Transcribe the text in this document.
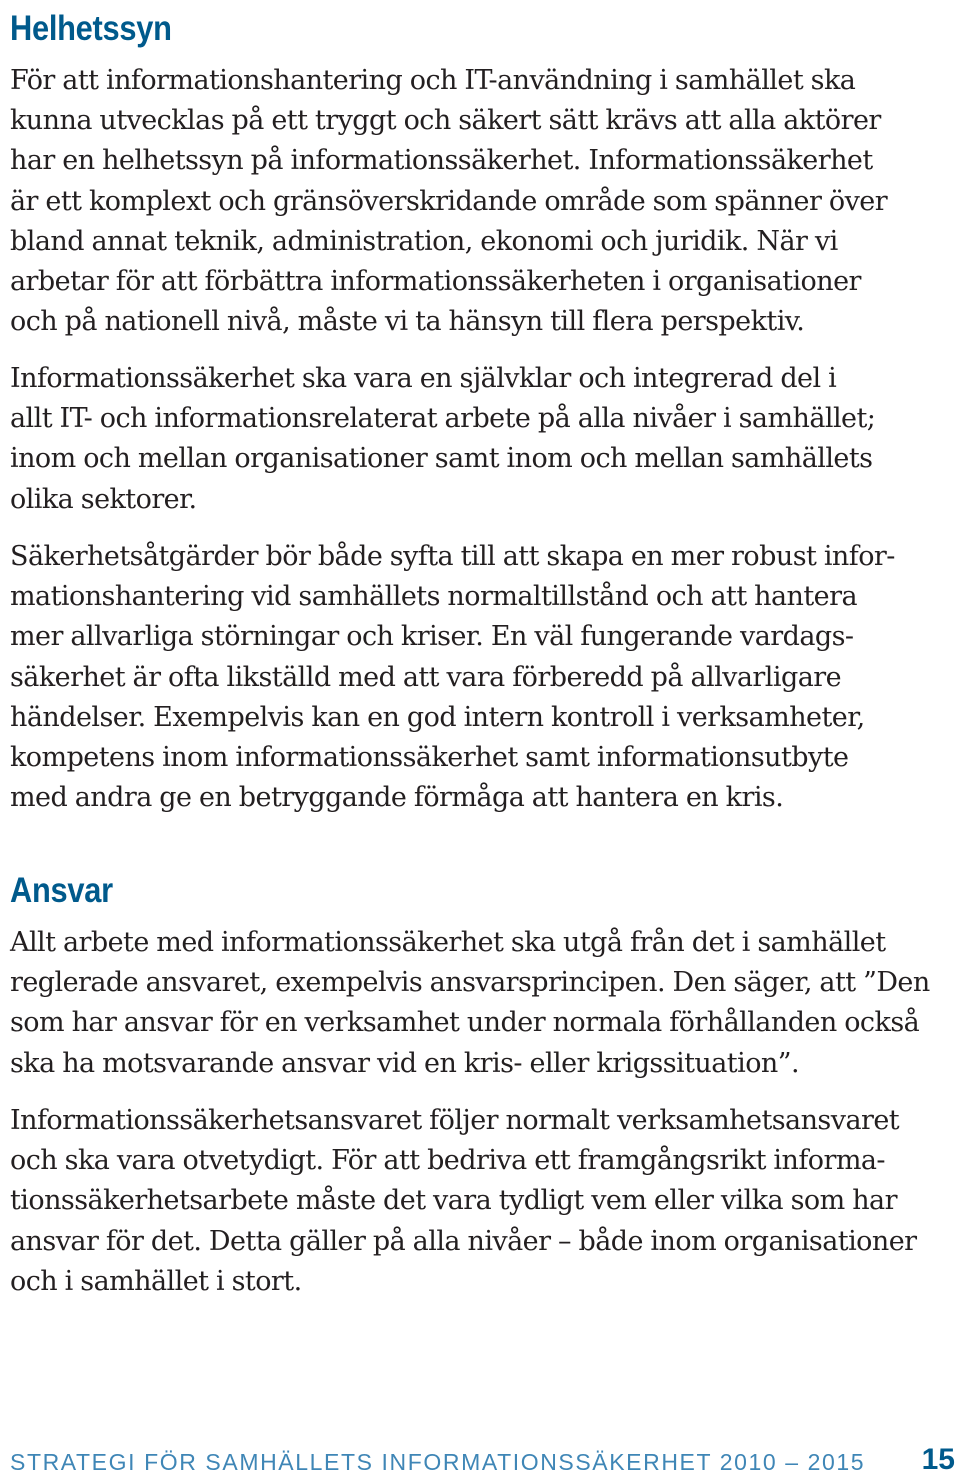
Helhetssyn

För att informationshantering och IT-användning i samhället ska
kunna utvecklas på ett tryggt och säkert sätt krävs att alla aktörer
har en helhetssyn på informationssäkerhet. Informationssäkerhet
är ett komplext och gränsöverskridande område som spänner över
bland annat teknik, administration, ekonomi och juridik. När vi
arbetar för att förbättra informationssäkerheten i organisationer
och på nationell nivå, måste vi ta hänsyn till flera perspektiv.

Informationssäkerhet ska vara en självklar och integrerad del i
allt IT- och informationsrelaterat arbete på alla nivåer i samhället;
inom och mellan organisationer samt inom och mellan samhällets
olika sektorer.

Säkerhetsåtgärder bör både syfta till att skapa en mer robust infor-
mationshantering vid samhällets normaltillstånd och att hantera
mer allvarliga störningar och kriser. En väl fungerande vardags-
säkerhet är ofta likställd med att vara förberedd på allvarligare
händelser. Exempelvis kan en god intern kontroll i verksamheter,
kompetens inom informationssäkerhet samt informationsutbyte
med andra ge en betryggande förmåga att hantera en kris.

Ansvar

Allt arbete med informationssäkerhet ska utgå från det i samhället
reglerade ansvaret, exempelvis ansvarsprincipen. Den säger, att ”Den
som har ansvar för en verksamhet under normala förhållanden också
ska ha motsvarande ansvar vid en kris- eller krigssituation”.

Informationssäkerhetsansvaret följer normalt verksamhetsansvaret
och ska vara otvetydigt. För att bedriva ett framgångsrikt informa-
tionssäkerhetsarbete måste det vara tydligt vem eller vilka som har
ansvar för det. Detta gäller på alla nivåer – både inom organisationer
och i samhället i stort.

STRATEGI FÖR SAMHÄLLETS INFORMATIONSSÄKERHET 2010 – 2015 15
